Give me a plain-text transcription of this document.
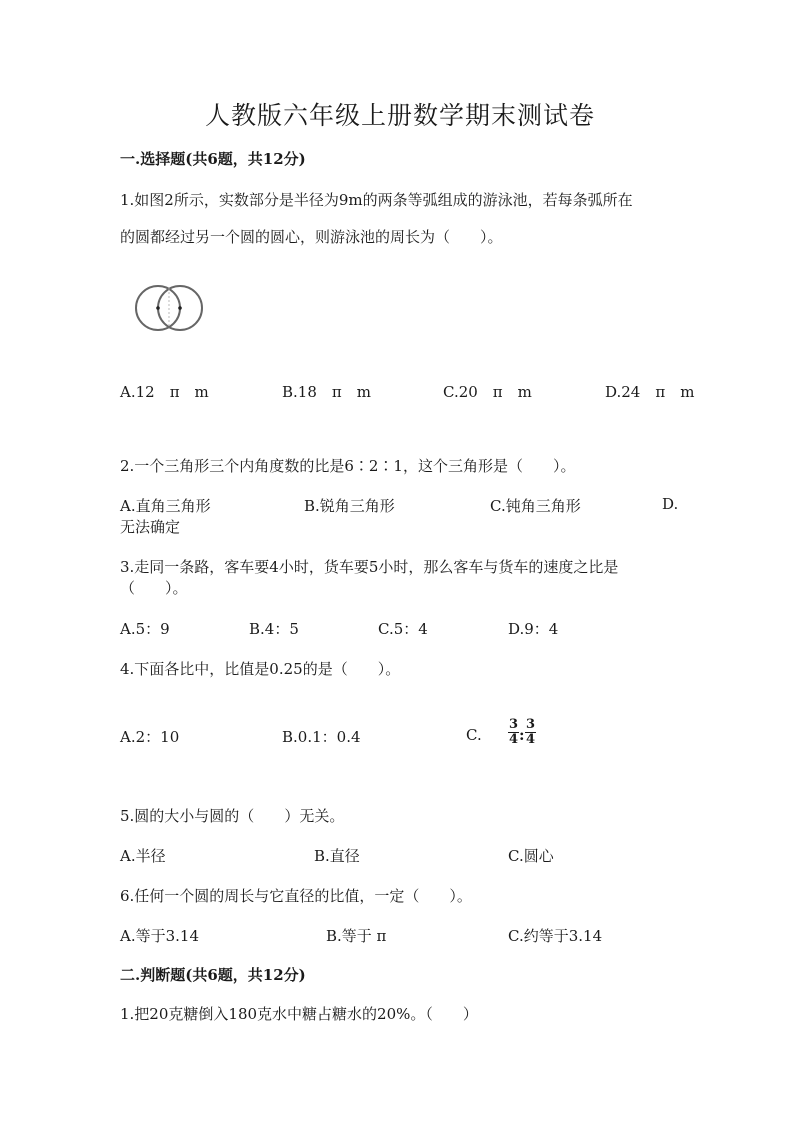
人教版六年级上册数学期末测试卷
一.选择题(共6题，共12分)
1.如图2所示，实数部分是半径为9m的两条等弧组成的游泳池，若每条弧所在
的圆都经过另一个圆的圆心，则游泳池的周长为（　　）。
A.12　π　m	B.18　π　m	C.20　π　m	D.24　π　m
2.一个三角形三个内角度数的比是6∶2∶1，这个三角形是（　　）。
A.直角三角形	B.锐角三角形	C.钝角三角形	D.
无法确定
3.走同一条路，客车要4小时，货车要5小时，那么客车与货车的速度之比是
（　　）。
A.5：9	B.4：5	C.5：4	D.9：4
4.下面各比中，比值是0.25的是（　　）。
A.2：10	B.0.1：0.4	C. $\frac{3}{4}$ : $\frac{3}{4}$
5.圆的大小与圆的（　　）无关。
A.半径	B.直径	C.圆心
6.任何一个圆的周长与它直径的比值，一定（　　）。
A.等于3.14	B.等于 π	C.约等于3.14
二.判断题(共6题，共12分)
1.把20克糖倒入180克水中糖占糖水的20%。（　　）
